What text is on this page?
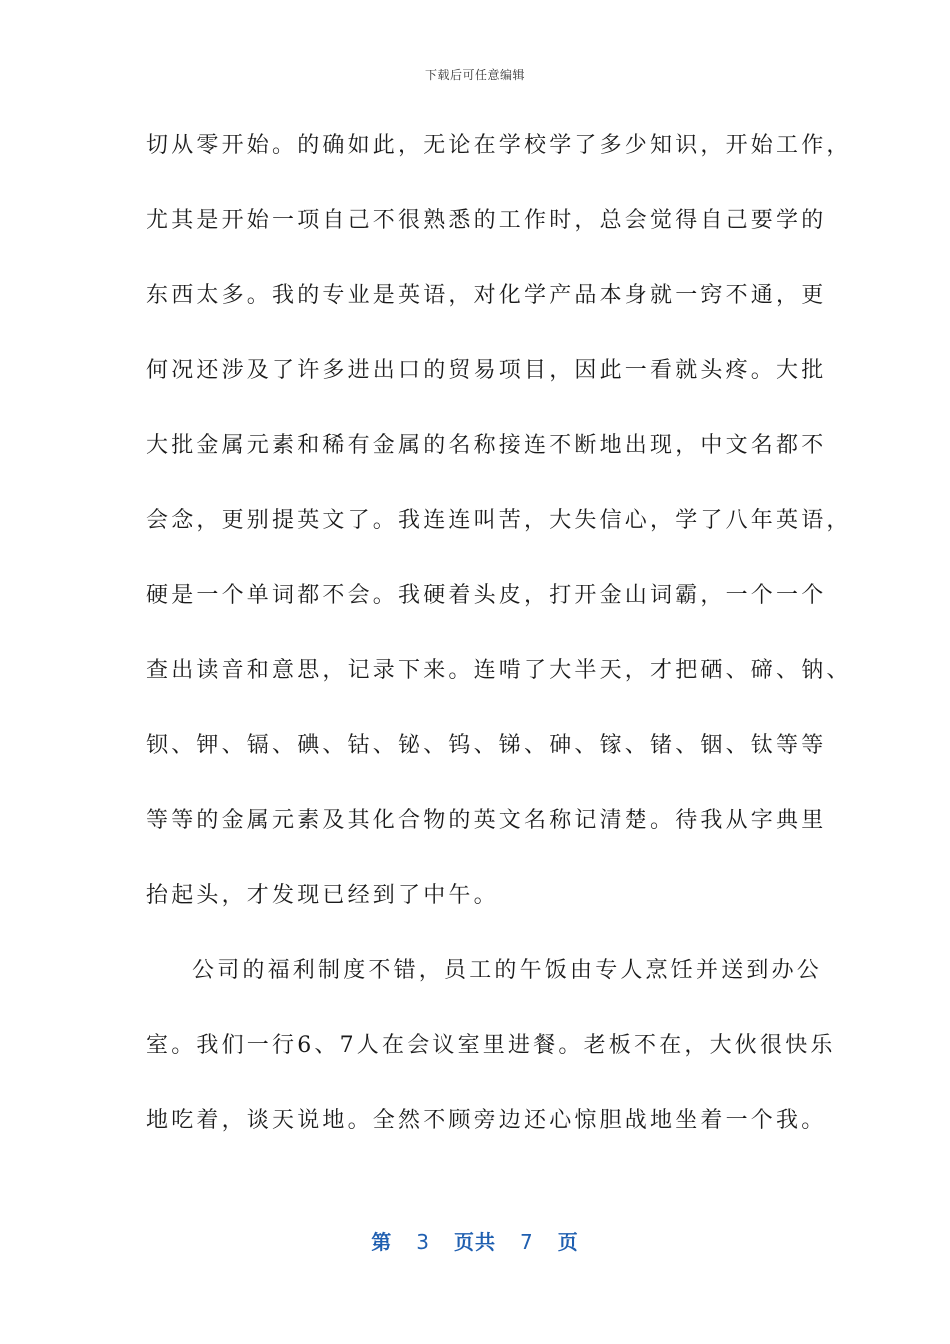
下载后可任意编辑
切从零开始。的确如此，无论在学校学了多少知识，开始工作，
尤其是开始一项自己不很熟悉的工作时，总会觉得自己要学的
东西太多。我的专业是英语，对化学产品本身就一窍不通，更
何况还涉及了许多进出口的贸易项目，因此一看就头疼。大批
大批金属元素和稀有金属的名称接连不断地出现，中文名都不
会念，更别提英文了。我连连叫苦，大失信心，学了八年英语，
硬是一个单词都不会。我硬着头皮，打开金山词霸，一个一个
查出读音和意思，记录下来。连啃了大半天，才把硒、碲、钠、
钡、钾、镉、碘、钴、铋、钨、锑、砷、镓、锗、铟、钛等等
等等的金属元素及其化合物的英文名称记清楚。待我从字典里
抬起头，才发现已经到了中午。
公司的福利制度不错，员工的午饭由专人烹饪并送到办公
室。我们一行6、7人在会议室里进餐。老板不在，大伙很快乐
地吃着，谈天说地。全然不顾旁边还心惊胆战地坐着一个我。
第 3 页共 7 页
